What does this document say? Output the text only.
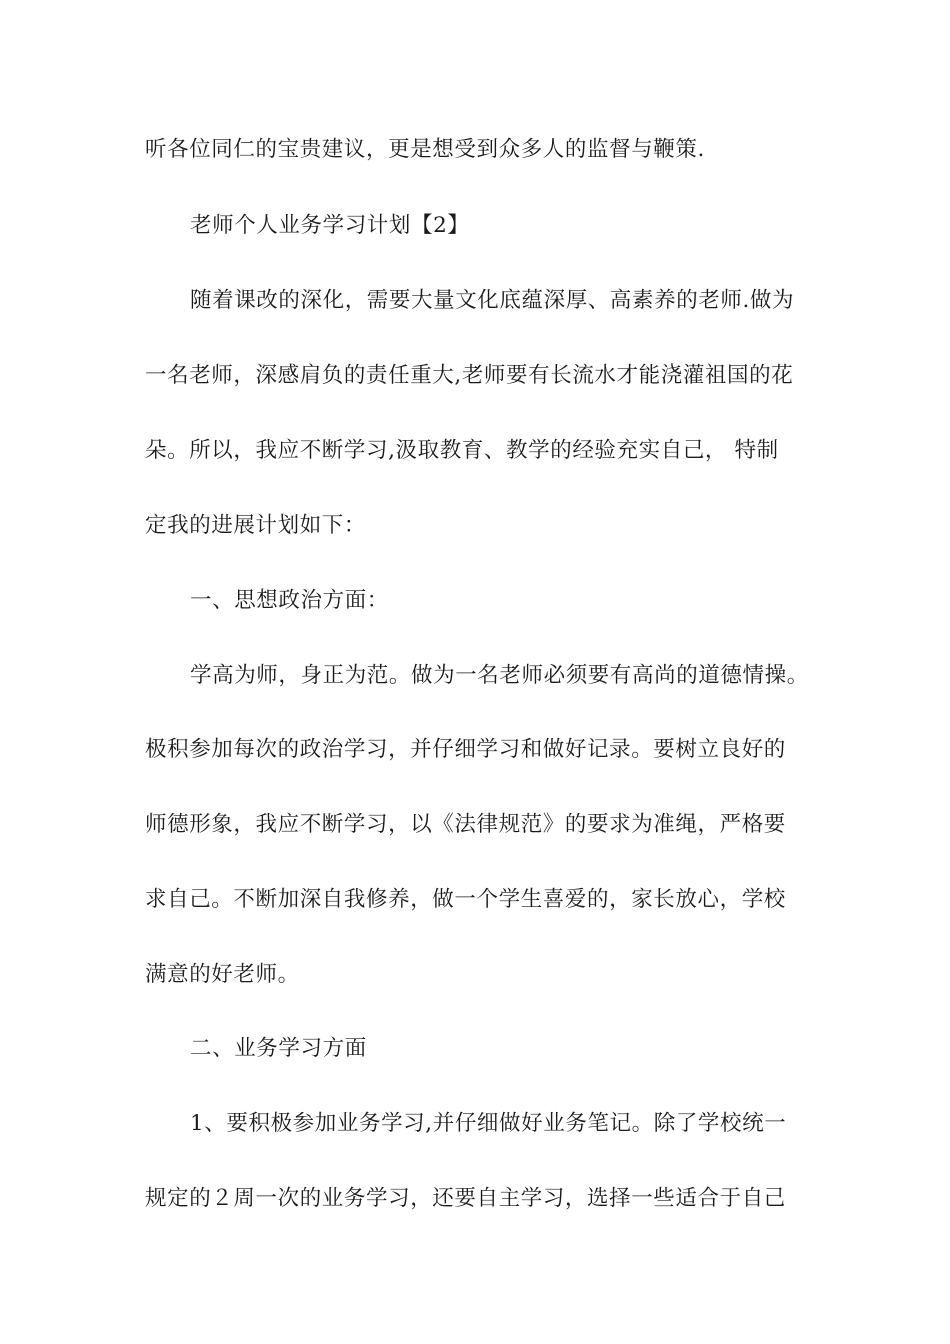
听各位同仁的宝贵建议，更是想受到众多人的监督与鞭策.
老师个人业务学习计划【2】
随着课改的深化，需要大量文化底蕴深厚、高素养的老师.做为
一名老师，深感肩负的责任重大,老师要有长流水才能浇灌祖国的花
朵。所以，我应不断学习,汲取教育、教学的经验充实自己， 特制
定我的进展计划如下：
一、思想政治方面：
学高为师，身正为范。做为一名老师必须要有高尚的道德情操。
极积参加每次的政治学习，并仔细学习和做好记录。要树立良好的
师德形象，我应不断学习，以《法律规范》的要求为准绳，严格要
求自己。不断加深自我修养，做一个学生喜爱的，家长放心，学校
满意的好老师。
二、业务学习方面
1、要积极参加业务学习,并仔细做好业务笔记。除了学校统一
规定的２周一次的业务学习，还要自主学习，选择一些适合于自己
